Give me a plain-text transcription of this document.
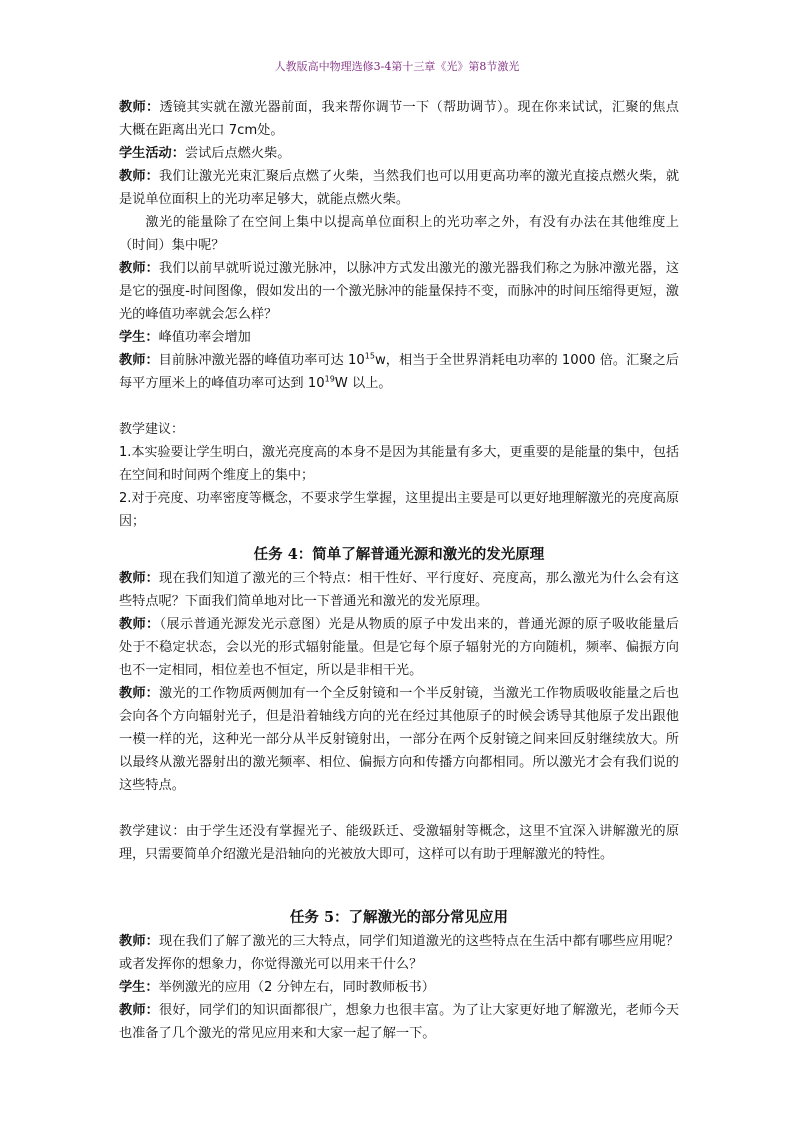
人教版高中物理选修3-4第十三章《光》第8节激光

教师：透镜其实就在激光器前面，我来帮你调节一下（帮助调节）。现在你来试试，汇聚的焦点大概在距离出光口 7cm处。

学生活动：尝试后点燃火柴。

教师：我们让激光光束汇聚后点燃了火柴，当然我们也可以用更高功率的激光直接点燃火柴，就是说单位面积上的光功率足够大，就能点燃火柴。

激光的能量除了在空间上集中以提高单位面积上的光功率之外，有没有办法在其他维度上（时间）集中呢？

教师：我们以前早就听说过激光脉冲，以脉冲方式发出激光的激光器我们称之为脉冲激光器，这是它的强度-时间图像，假如发出的一个激光脉冲的能量保持不变，而脉冲的时间压缩得更短，激光的峰值功率就会怎么样？

学生：峰值功率会增加

教师：目前脉冲激光器的峰值功率可达 $10^{15}w$，相当于全世界消耗电功率的 1000 倍。汇聚之后每平方厘米上的峰值功率可达到 $10^{19}W$ 以上。

教学建议：

1.本实验要让学生明白，激光亮度高的本身不是因为其能量有多大，更重要的是能量的集中，包括在空间和时间两个维度上的集中；

2.对于亮度、功率密度等概念，不要求学生掌握，这里提出主要是可以更好地理解激光的亮度高原因；

任务 4：简单了解普通光源和激光的发光原理

教师：现在我们知道了激光的三个特点：相干性好、平行度好、亮度高，那么激光为什么会有这些特点呢？下面我们简单地对比一下普通光和激光的发光原理。

教师：（展示普通光源发光示意图）光是从物质的原子中发出来的，普通光源的原子吸收能量后处于不稳定状态，会以光的形式辐射能量。但是它每个原子辐射光的方向随机，频率、偏振方向也不一定相同，相位差也不恒定，所以是非相干光。

教师：激光的工作物质两侧加有一个全反射镜和一个半反射镜，当激光工作物质吸收能量之后也会向各个方向辐射光子，但是沿着轴线方向的光在经过其他原子的时候会诱导其他原子发出跟他一模一样的光，这种光一部分从半反射镜射出，一部分在两个反射镜之间来回反射继续放大。所以最终从激光器射出的激光频率、相位、偏振方向和传播方向都相同。所以激光才会有我们说的这些特点。

教学建议：由于学生还没有掌握光子、能级跃迁、受激辐射等概念，这里不宜深入讲解激光的原理，只需要简单介绍激光是沿轴向的光被放大即可，这样可以有助于理解激光的特性。

任务 5：了解激光的部分常见应用

教师：现在我们了解了激光的三大特点，同学们知道激光的这些特点在生活中都有哪些应用呢？或者发挥你的想象力，你觉得激光可以用来干什么？

学生：举例激光的应用（2 分钟左右，同时教师板书）

教师：很好，同学们的知识面都很广，想象力也很丰富。为了让大家更好地了解激光，老师今天也准备了几个激光的常见应用来和大家一起了解一下。
